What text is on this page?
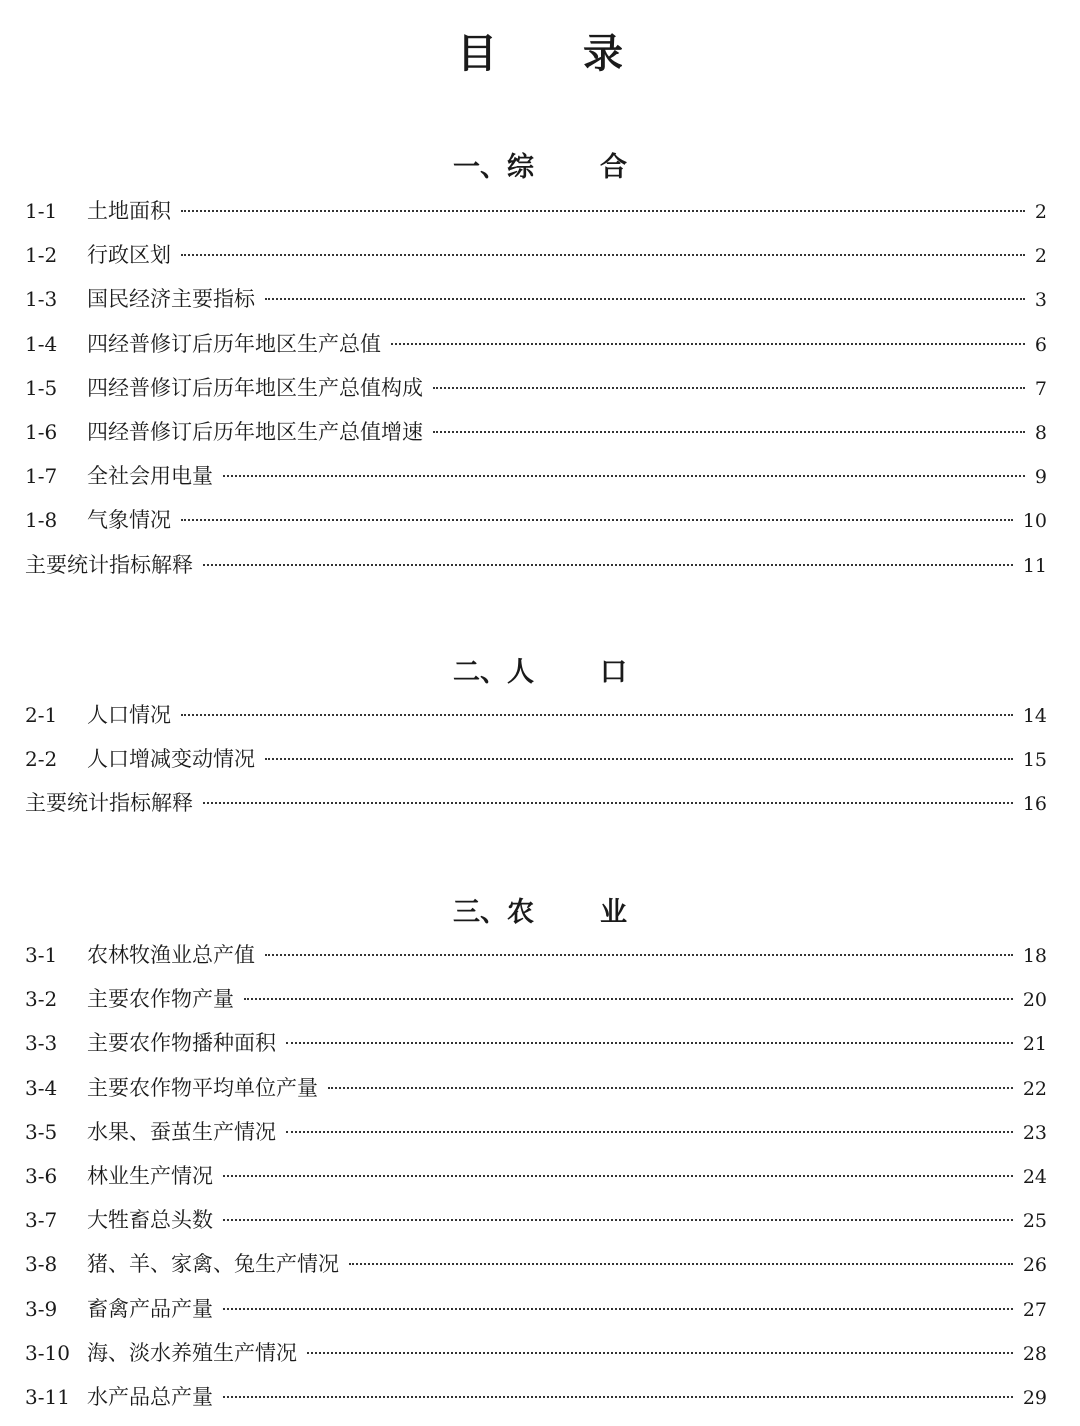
目 录
一、综 合
1-1	土地面积	2
1-2	行政区划	2
1-3	国民经济主要指标	3
1-4	四经普修订后历年地区生产总值	6
1-5	四经普修订后历年地区生产总值构成	7
1-6	四经普修订后历年地区生产总值增速	8
1-7	全社会用电量	9
1-8	气象情况	10
主要统计指标解释	11
二、人 口
2-1	人口情况	14
2-2	人口增减变动情况	15
主要统计指标解释	16
三、农 业
3-1	农林牧渔业总产值	18
3-2	主要农作物产量	20
3-3	主要农作物播种面积	21
3-4	主要农作物平均单位产量	22
3-5	水果、蚕茧生产情况	23
3-6	林业生产情况	24
3-7	大牲畜总头数	25
3-8	猪、羊、家禽、兔生产情况	26
3-9	畜禽产品产量	27
3-10 海、淡水养殖生产情况	28
3-11 水产品总产量	29
